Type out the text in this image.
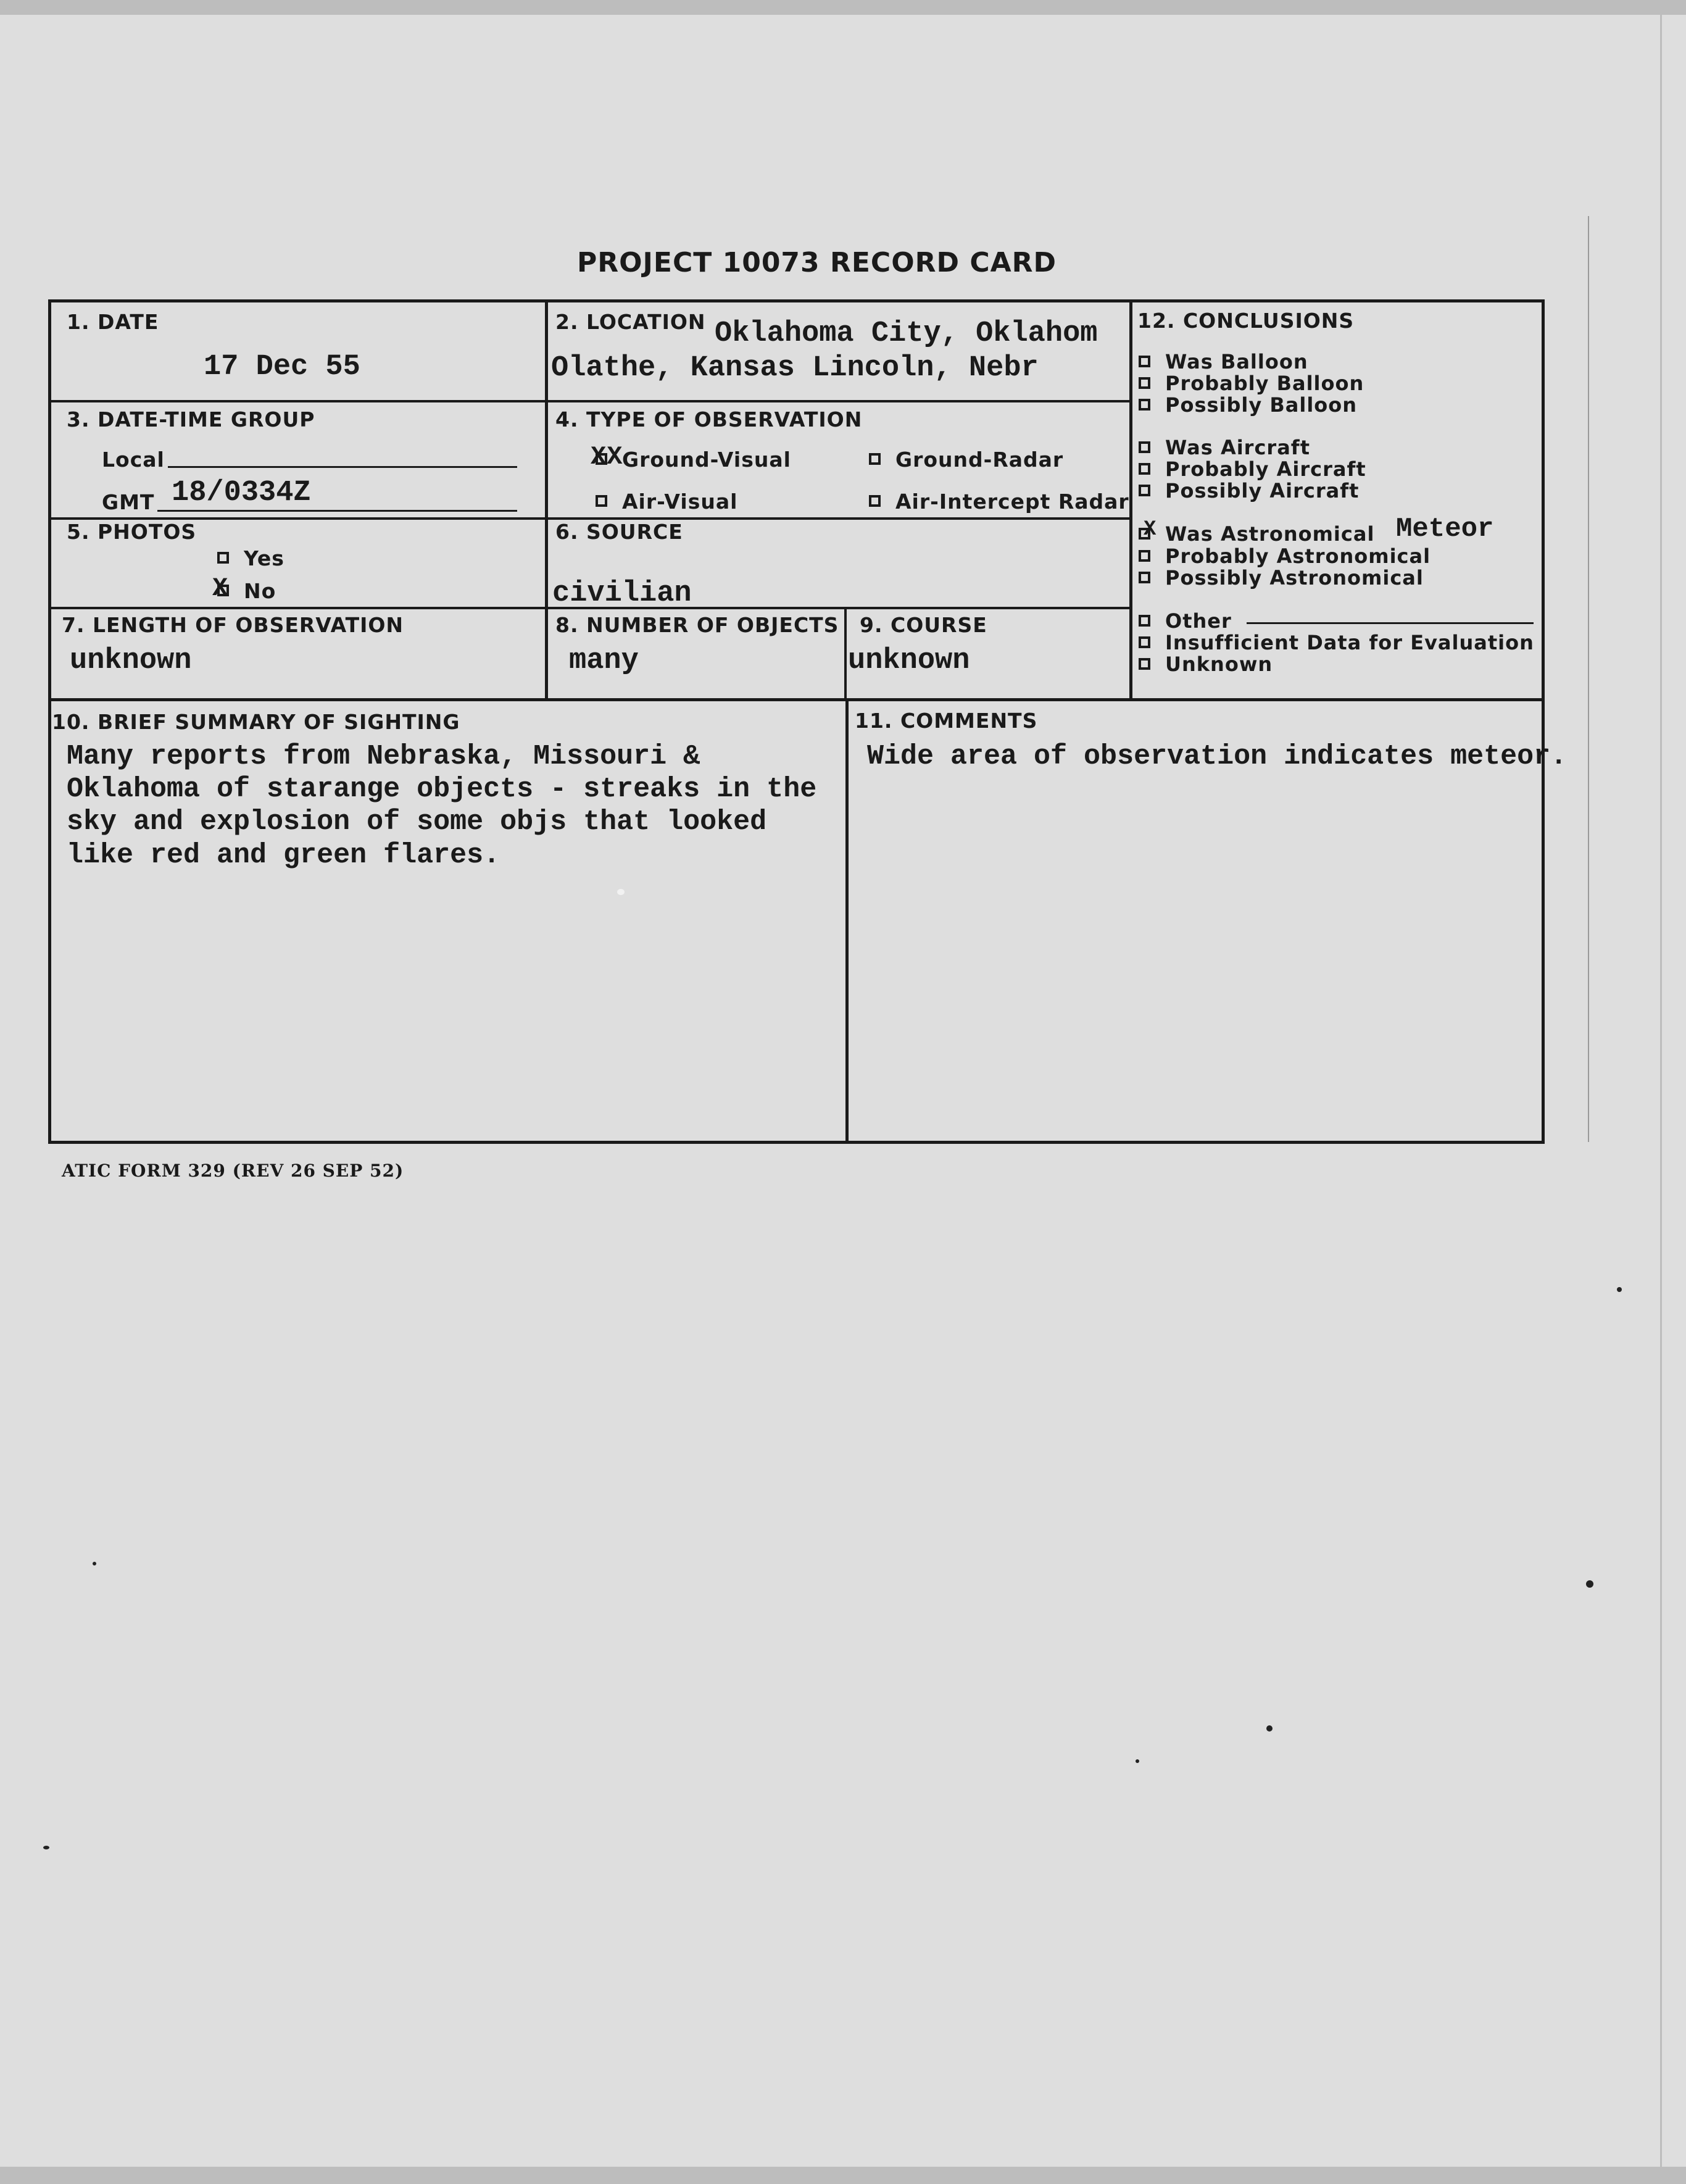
PROJECT 10073 RECORD CARD
1. DATE
17 Dec 55
2. LOCATION Oklahoma City, Oklahom
Olathe, Kansas Lincoln, Nebr
3. DATE-TIME GROUP
Local
GMT 18/0334Z
4. TYPE OF OBSERVATION
XX
Ground-Visual	Ground-Radar
Air-Visual	Air-Intercept Radar
5. PHOTOS
Yes
X No
6. SOURCE
civilian
7. LENGTH OF OBSERVATION
unknown
8. NUMBER OF OBJECTS
many
9. COURSE
unknown
10. BRIEF SUMMARY OF SIGHTING
Many reports from Nebraska, Missouri &
Oklahoma of starange objects - streaks in the
sky and explosion of some objs that looked
like red and green flares.
11. COMMENTS
Wide area of observation indicates meteor.
12. CONCLUSIONS
Was Balloon
Probably Balloon
Possibly Balloon
Was Aircraft
Probably Aircraft
Possibly Aircraft
X Was Astronomical Meteor
Probably Astronomical
Possibly Astronomical
Other
Insufficient Data for Evaluation
Unknown
ATIC FORM 329 (REV 26 SEP 52)
